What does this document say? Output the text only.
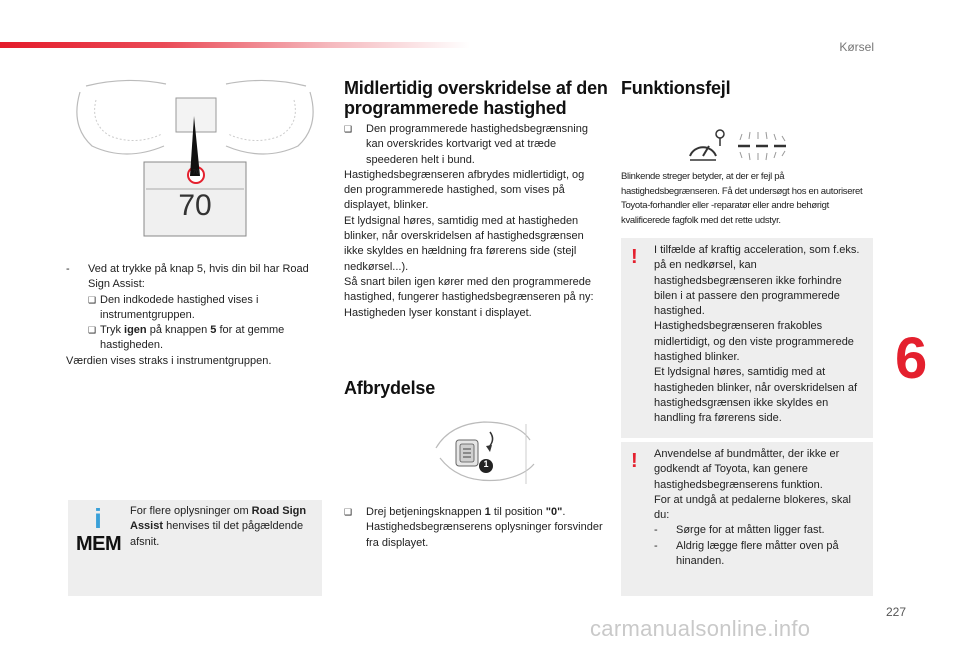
Kørsel
6
227
70
70
- Ved at trykke på knap 5, hvis din bil har Road Sign Assist:
❑ Den indkodede hastighed vises i instrumentgruppen.
❑ Tryk igen på knappen 5 for at gemme hastigheden.
Værdien vises straks i instrumentgruppen.
i
MEM
For flere oplysninger om Road Sign Assist henvises til det pågældende afsnit.
Midlertidig overskridelse af den programmerede hastighed
❑ Den programmerede hastighedsbegrænsning kan overskrides kortvarigt ved at træde speederen helt i bund.
Hastighedsbegrænseren afbrydes midlertidigt, og den programmerede hastighed, som vises på displayet, blinker.
Et lydsignal høres, samtidig med at hastigheden blinker, når overskridelsen af hastighedsgrænsen ikke skyldes en hældning fra førerens side (stejl nedkørsel...).
Så snart bilen igen kører med den programmerede hastighed, fungerer hastighedsbegrænseren på ny: Hastigheden lyser konstant i displayet.
Afbrydelse
1
❑ Drej betjeningsknappen 1 til position "0". Hastighedsbegrænserens oplysninger forsvinder fra displayet.
Funktionsfejl
Blinkende streger betyder, at der er fejl på hastighedsbegrænseren. Få det undersøgt hos en autoriseret Toyota-forhandler eller -reparatør eller andre behørigt kvalificerede fagfolk med det rette udstyr.
! I tilfælde af kraftig acceleration, som f.eks. på en nedkørsel, kan hastighedsbegrænseren ikke forhindre bilen i at passere den programmerede hastighed.
Hastighedsbegrænseren frakobles midlertidigt, og den viste programmerede hastighed blinker.
Et lydsignal høres, samtidig med at hastigheden blinker, når overskridelsen af hastighedsgrænsen ikke skyldes en handling fra førerens side.
! Anvendelse af bundmåtter, der ikke er godkendt af Toyota, kan genere hastighedsbegrænserens funktion.
For at undgå at pedalerne blokeres, skal du:
- Sørge for at måtten ligger fast.
- Aldrig lægge flere måtter oven på hinanden.
carmanualsonline.info
